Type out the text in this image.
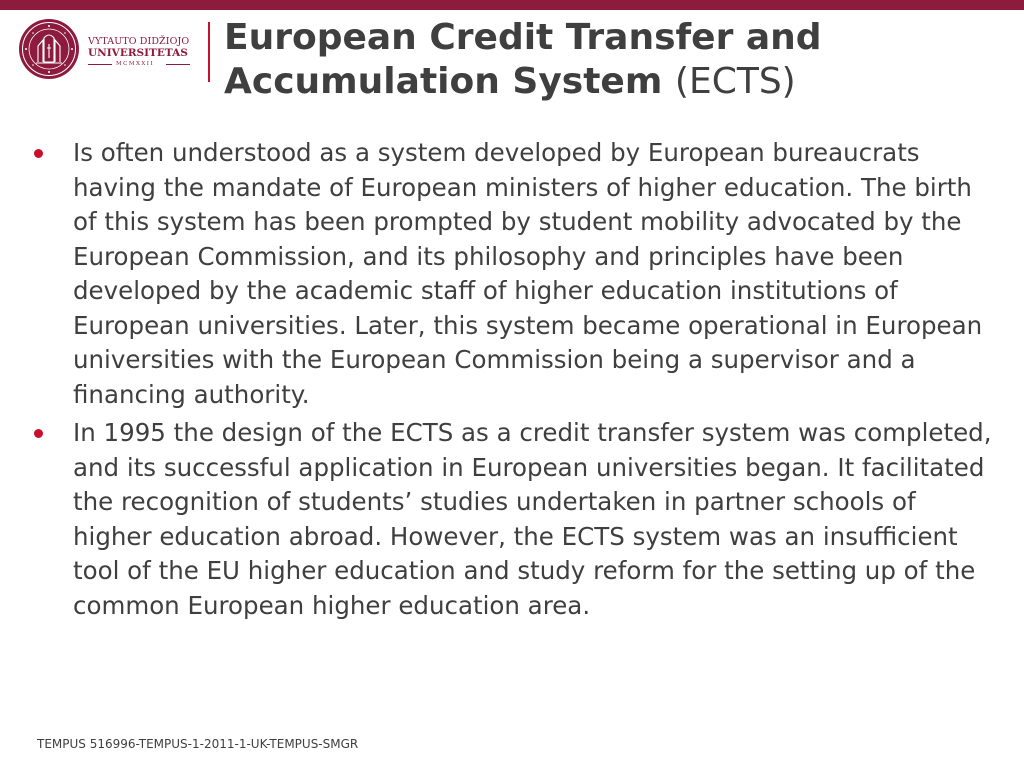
VYTAUTO DIDŽIOJO
UNIVERSITETAS
MCMXXII
European Credit Transfer and Accumulation System (ECTS)
Is often understood as a system developed by European bureaucrats having the mandate of European ministers of higher education. The birth of this system has been prompted by student mobility advocated by the European Commission, and its philosophy and principles have been developed by the academic staff of higher education institutions of European universities. Later, this system became operational in European universities with the European Commission being a supervisor and a financing authority.
In 1995 the design of the ECTS as a credit transfer system was completed, and its successful application in European universities began. It facilitated the recognition of students’ studies undertaken in partner schools of higher education abroad. However, the ECTS system was an insufficient tool of the EU higher education and study reform for the setting up of the common European higher education area.
TEMPUS 516996-TEMPUS-1-2011-1-UK-TEMPUS-SMGR
